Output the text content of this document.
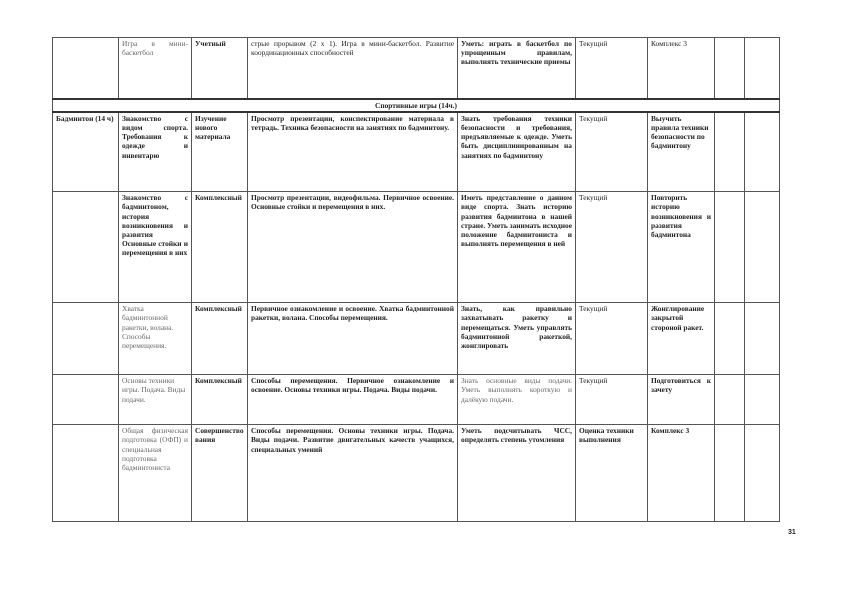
	Игра в мини-баскетбол	Учетный	стрые прорывом (2 х 1). Игра в мини-баскетбол. Развитие координационных способностей	Уметь: играть в баскетбол по упрощенным правилам, выполнять технические приемы	Текущий	Комплекс 3		
Спортивные игры (14ч.)								
Бадминтон (14 ч)	Знакомство с видом спорта. Требования к одежде и инвентарю	Изучение нового материала	Просмотр презентации, конспектирование материала в тетрадь. Техника безопасности на занятиях по бадминтону.	Знать требования техники безопасности и требования, предъявляемые к одежде. Уметь быть дисциплинированным на занятиях по бадминтону	Текущий	Выучить правила техники безопасности по бадминтону		
	Знакомство с бадминтоном, история возникновения и развития Основные стойки и перемещения в них	Комплексный	Просмотр презентации, видеофильма. Первичное освоение. Основные стойки и перемещения в них.	Иметь представление о данном виде спорта. Знать историю развития бадминтона в нашей стране. Уметь занимать исходное положение бадминтониста и выполнять перемещения в ней	Текущий	Повторить историю возникновения и развития бадминтона		
	Хватка бадминтонной ракетки, волана. Способы перемещения.	Комплексный	Первичное ознакомление и освоение. Хватка бадминтонной ракетки, волана. Способы перемещения.	Знать, как правильно захватывать ракетку и перемещаться. Уметь управлять бадминтонной ракеткой, жонглировать	Текущий	Жонглирование закрытой стороной ракет.		
	Основы техники игры. Подача. Виды подачи.	Комплексный	Способы перемещения. Первичное ознакомление и освоение. Основы техники игры. Подача. Виды подачи.	Знать основные виды подачи. Уметь выполнять короткую и далёкую подачи.	Текущий	Подготовиться к зачету		
	Общая физическая подготовка (ОФП) и специальная подготовка бадминтониста	Совершенствования	Способы перемещения. Основы техники игры. Подача. Виды подачи. Развитие двигательных качеств учащихся, специальных умений	Уметь подсчитывать ЧСС, определять степень утомления	Оценка техники выполнения	Комплекс 3		
31
